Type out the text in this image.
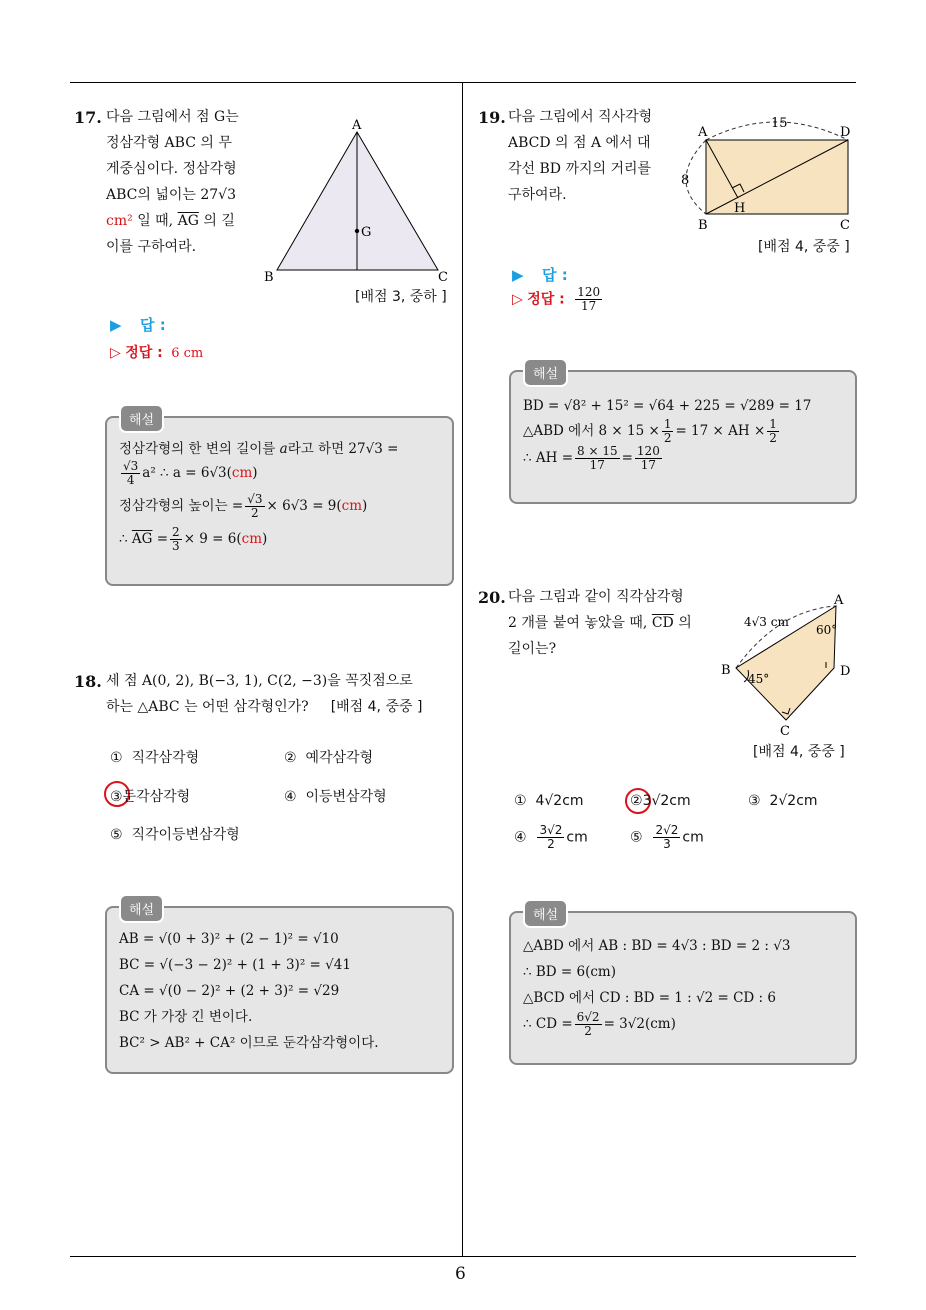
6
17. 다음 그림에서 점 G는
정삼각형 ABC 의 무
게중심이다. 정삼각형
ABC의 넓이는 27√3
cm² 일 때, $\overline{AG}$ 의 길
이를 구하여라.
A
B	C
G
[배점 3, 중하 ]
▶ 답 :
▷ 정답 : 6 cm
해설
정삼각형의 한 변의 길이를 a라고 하면 27√3 =
$\frac{√3}{4} a^2$ ∴ a = 6√3(cm)
정삼각형의 높이는 = $\frac{√3}{2} \times 6√3 = 9(cm)$
∴ $\overline{AG} = \frac{2}{3} \times 9 = 6(cm)$
18. 세 점 A(0, 2), B(−3, 1), C(2, −3)을 꼭짓점으로
하는 △ABC 는 어떤 삼각형인가? [배점 4, 중중 ]
① 직각삼각형	② 예각삼각형
③둔각삼각형	④ 이등변삼각형
⑤ 직각이등변삼각형
해설
AB = √(0 + 3)² + (2 − 1)² = √10
BC = √(−3 − 2)² + (1 + 3)² = √41
CA = √(0 − 2)² + (2 + 3)² = √29
BC 가 가장 긴 변이다.
BC² > AB² + CA² 이므로 둔각삼각형이다.
19. 다음 그림에서 직사각형
ABCD 의 점 A 에서 대
각선 BD 까지의 거리를
구하여라.
A
B	C
D
H
15
8
[배점 4, 중중 ]
▶ 답 :
▷ 정답 : $\frac{120}{17}$
해설
BD = √8² + 15² = √64 + 225 = √289 = 17
△ABD 에서 $8 \times 15 \times \frac{1}{2} = 17$ × AH × $\frac{1}{2}$
∴ AH = $\frac{8 \times 15}{17} = \frac{120}{17}$
20. 다음 그림과 같이 직각삼각형
2 개를 붙여 놓았을 때, $\overline{CD}$ 의
길이는?
A
B
C
D
4√3 cm
60°
45°
[배점 4, 중중 ]
① 4√2cm	②3√2cm	③ 2√2cm
④ $\frac{3√2}{2}$ cm	⑤ $\frac{2√2}{3}$ cm
해설
△ABD 에서 AB : BD = 4√3 : BD = 2 : √3
∴ BD = 6(cm)
△BCD 에서 CD : BD = 1 : √2 = CD : 6
∴ CD = $\frac{6√2}{2} = 3√2(cm)$
